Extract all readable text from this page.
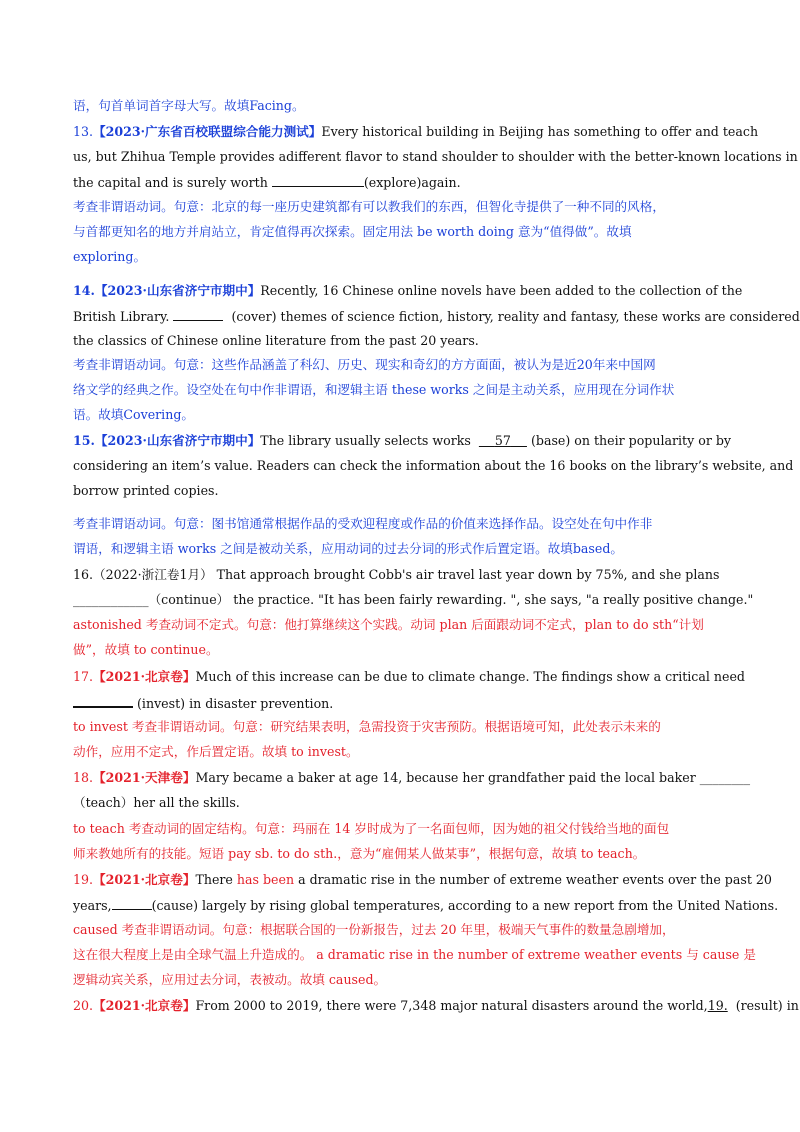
语，句首单词首字母大写。故填Facing。
13.【2023·广东省百校联盟综合能力测试】Every historical building in Beijing has something to offer and teach
us, but Zhihua Temple provides adifferent flavor to stand shoulder to shoulder with the better-known locations in
the capital and is surely worth	(explore)again.
考查非谓语动词。句意：北京的每一座历史建筑都有可以教我们的东西，但智化寺提供了一种不同的风格，
与首都更知名的地方并肩站立，肯定值得再次探索。固定用法 be worth doing 意为“值得做”。故填
exploring。
14.【2023·山东省济宁市期中】Recently, 16 Chinese online novels have been added to the collection of the
British Library.	(cover) themes of science fiction, history, reality and fantasy, these works are considered
the classics of Chinese online literature from the past 20 years.
考查非谓语动词。句意：这些作品涵盖了科幻、历史、现实和奇幻的方方面面，被认为是近20年来中国网
络文学的经典之作。设空处在句中作非谓语，和逻辑主语 these works 之间是主动关系，应用现在分词作状
语。故填Covering。
15.【2023·山东省济宁市期中】The library usually selects works 57 (base) on their popularity or by
considering an item’s value. Readers can check the information about the 16 books on the library’s website, and
borrow printed copies.
考查非谓语动词。句意：图书馆通常根据作品的受欢迎程度或作品的价值来选择作品。设空处在句中作非
谓语，和逻辑主语 works 之间是被动关系，应用动词的过去分词的形式作后置定语。故填based。
16.（2022·浙江卷1月） That approach brought Cobb's air travel last year down by 75%, and she plans
____________（continue） the practice. "It has been fairly rewarding. ", she says, "a really positive change."
astonished 考查动词不定式。句意：他打算继续这个实践。动词 plan 后面跟动词不定式，plan to do sth“计划
做”，故填 to continue。
17.【2021·北京卷】Much of this increase can be due to climate change. The findings show a critical need
(invest) in disaster prevention.
to invest 考查非谓语动词。句意：研究结果表明，急需投资于灾害预防。根据语境可知，此处表示未来的
动作，应用不定式，作后置定语。故填 to invest。
18.【2021·天津卷】Mary became a baker at age 14, because her grandfather paid the local baker ________
（teach）her all the skills.
to teach 考查动词的固定结构。句意：玛丽在 14 岁时成为了一名面包师，因为她的祖父付钱给当地的面包
师来教她所有的技能。短语 pay sb. to do sth.，意为“雇佣某人做某事”，根据句意，故填 to teach。
19.【2021·北京卷】There has been a dramatic rise in the number of extreme weather events over the past 20
years,	(cause) largely by rising global temperatures, according to a new report from the United Nations.
caused 考查非谓语动词。句意：根据联合国的一份新报告，过去 20 年里，极端天气事件的数量急剧增加，
这在很大程度上是由全球气温上升造成的。 a dramatic rise in the number of extreme weather events 与 cause 是
逻辑动宾关系，应用过去分词，表被动。故填 caused。
20.【2021·北京卷】From 2000 to 2019, there were 7,348 major natural disasters around the world,19. (result) in
